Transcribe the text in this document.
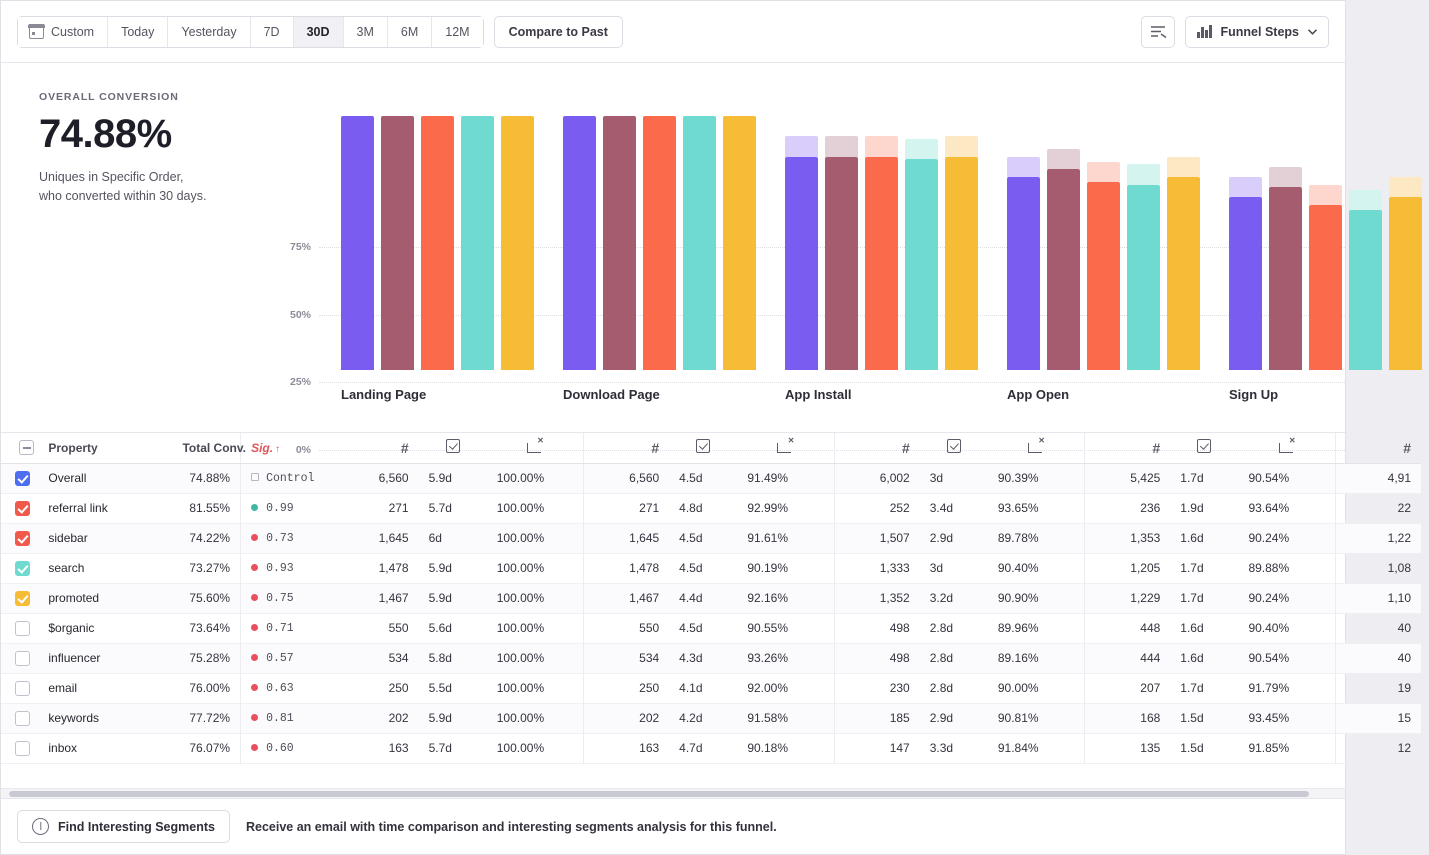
Custom	Today	Yesterday	7D	30D	3M	6M	12M	Compare to Past	Funnel Steps
OVERALL CONVERSION
74.88%
Uniques in Specific Order, who converted within 30 days.
75%
50%
25%
0%
Landing Page	Download Page	App Install	App Open	Sign Up
	Property	Total Conv.	Sig. ↑	#		✕	#		✕	#		✕	#		✕	#
	Overall	74.88%	Control	6,560	5.9d	100.00%	6,560	4.5d	91.49%	6,002	3d	90.39%	5,425	1.7d	90.54%	4,91
	referral link	81.55%	0.99	271	5.7d	100.00%	271	4.8d	92.99%	252	3.4d	93.65%	236	1.9d	93.64%	22
	sidebar	74.22%	0.73	1,645	6d	100.00%	1,645	4.5d	91.61%	1,507	2.9d	89.78%	1,353	1.6d	90.24%	1,22
	search	73.27%	0.93	1,478	5.9d	100.00%	1,478	4.5d	90.19%	1,333	3d	90.40%	1,205	1.7d	89.88%	1,08
	promoted	75.60%	0.75	1,467	5.9d	100.00%	1,467	4.4d	92.16%	1,352	3.2d	90.90%	1,229	1.7d	90.24%	1,10
	$organic	73.64%	0.71	550	5.6d	100.00%	550	4.5d	90.55%	498	2.8d	89.96%	448	1.6d	90.40%	40
	influencer	75.28%	0.57	534	5.8d	100.00%	534	4.3d	93.26%	498	2.8d	89.16%	444	1.6d	90.54%	40
	email	76.00%	0.63	250	5.5d	100.00%	250	4.1d	92.00%	230	2.8d	90.00%	207	1.7d	91.79%	19
	keywords	77.72%	0.81	202	5.9d	100.00%	202	4.2d	91.58%	185	2.9d	90.81%	168	1.5d	93.45%	15
	inbox	76.07%	0.60	163	5.7d	100.00%	163	4.7d	90.18%	147	3.3d	91.84%	135	1.5d	91.85%	12
Find Interesting Segments Receive an email with time comparison and interesting segments analysis for this funnel.
